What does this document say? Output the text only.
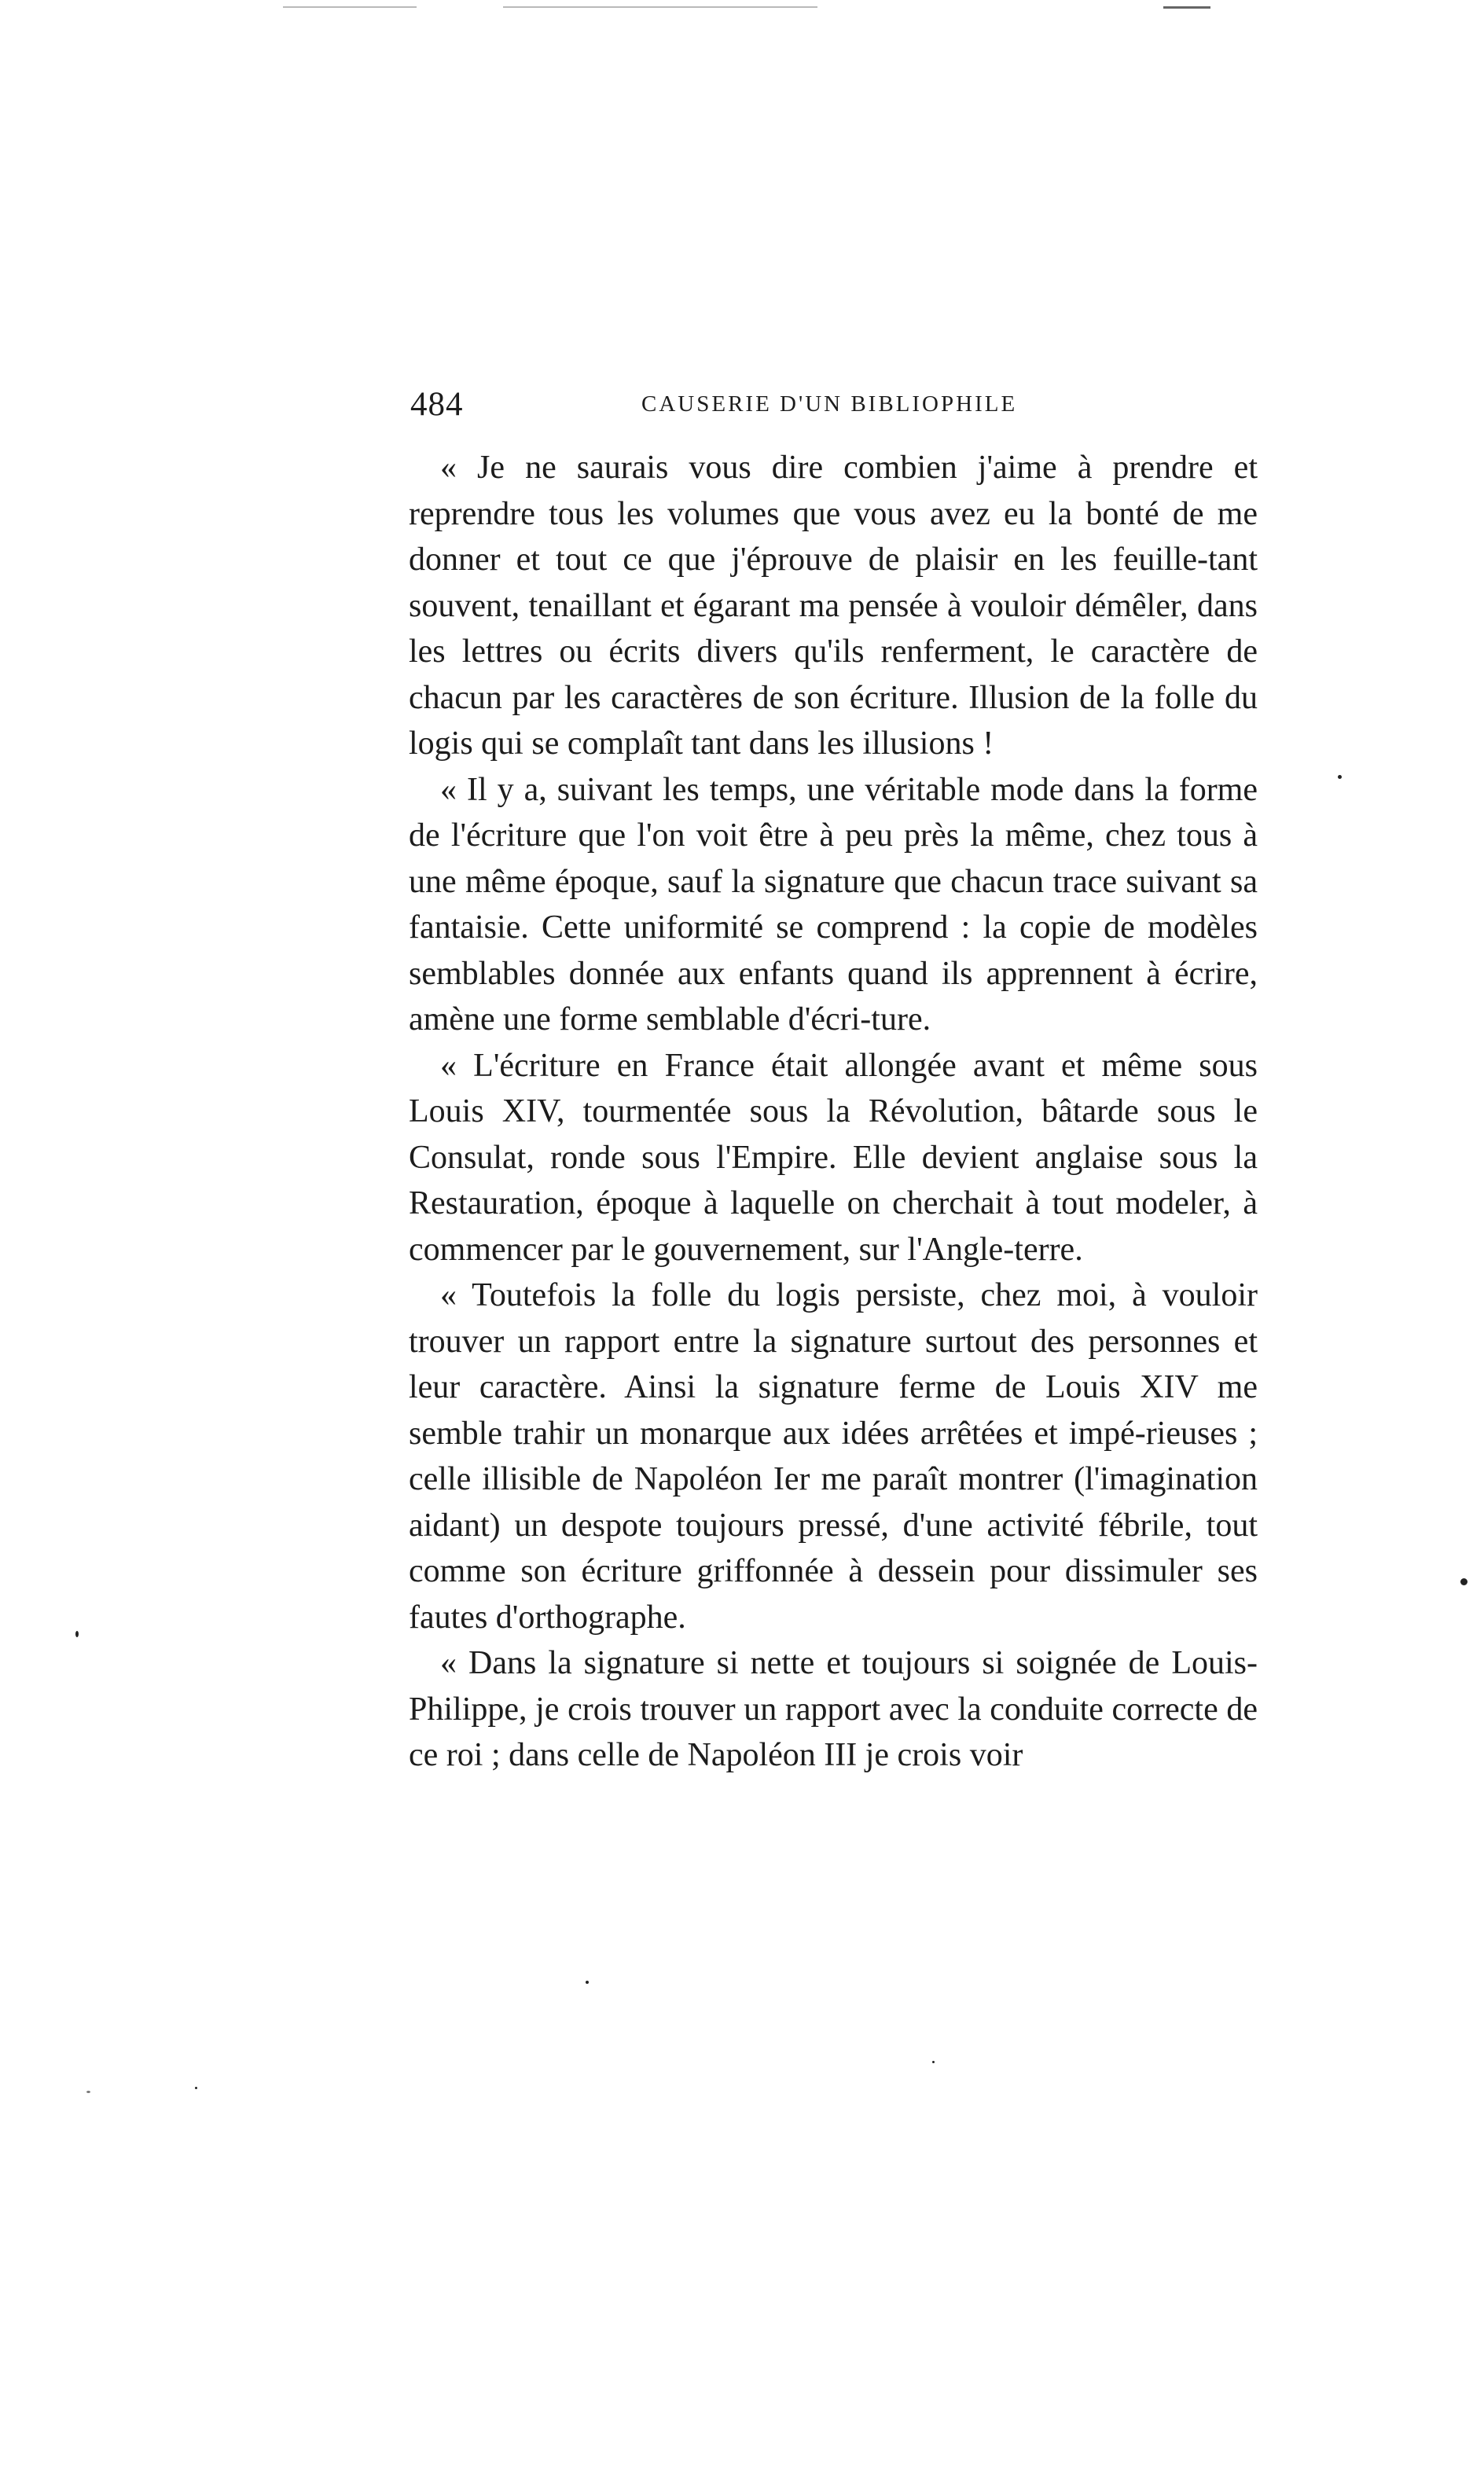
484	CAUSERIE D'UN BIBLIOPHILE

« Je ne saurais vous dire combien j'aime à prendre et reprendre tous les volumes que vous avez eu la bonté de me donner et tout ce que j'éprouve de plaisir en les feuille-tant souvent, tenaillant et égarant ma pensée à vouloir démêler, dans les lettres ou écrits divers qu'ils renferment, le caractère de chacun par les caractères de son écriture. Illusion de la folle du logis qui se complaît tant dans les illusions !

« Il y a, suivant les temps, une véritable mode dans la forme de l'écriture que l'on voit être à peu près la même, chez tous à une même époque, sauf la signature que chacun trace suivant sa fantaisie. Cette uniformité se comprend : la copie de modèles semblables donnée aux enfants quand ils apprennent à écrire, amène une forme semblable d'écri-ture.

« L'écriture en France était allongée avant et même sous Louis XIV, tourmentée sous la Révolution, bâtarde sous le Consulat, ronde sous l'Empire. Elle devient anglaise sous la Restauration, époque à laquelle on cherchait à tout modeler, à commencer par le gouvernement, sur l'Angle-terre.

« Toutefois la folle du logis persiste, chez moi, à vouloir trouver un rapport entre la signature surtout des personnes et leur caractère. Ainsi la signature ferme de Louis XIV me semble trahir un monarque aux idées arrêtées et impé-rieuses ; celle illisible de Napoléon Ier me paraît montrer (l'imagination aidant) un despote toujours pressé, d'une activité fébrile, tout comme son écriture griffonnée à dessein pour dissimuler ses fautes d'orthographe.

« Dans la signature si nette et toujours si soignée de Louis-Philippe, je crois trouver un rapport avec la conduite correcte de ce roi ; dans celle de Napoléon III je crois voir
